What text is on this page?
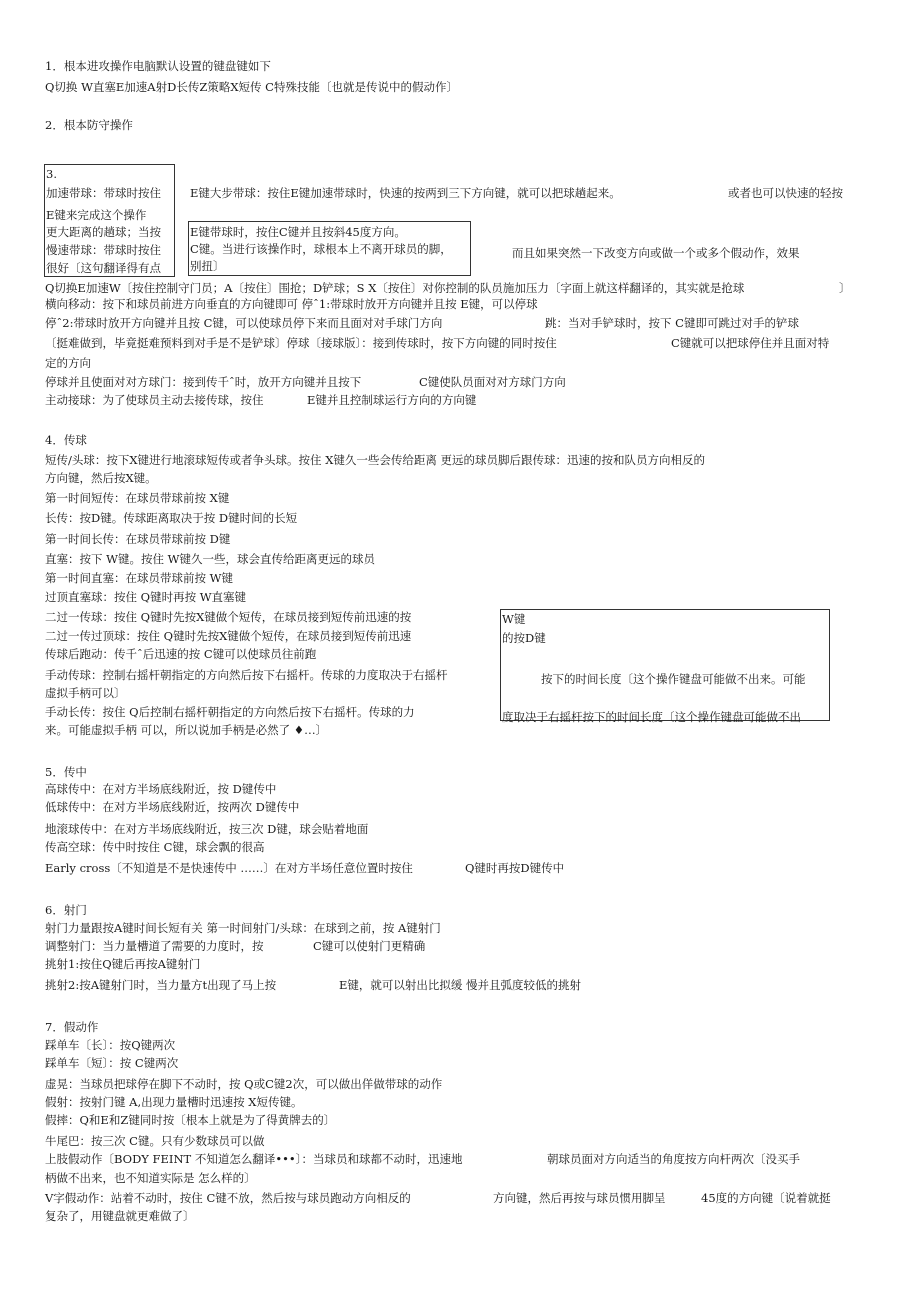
1．根本进攻操作电脑默认设置的键盘键如下
Q切换 W直塞E加速A射D长传Z策略X短传 C特殊技能〔也就是传说中的假动作〕
2．根本防守操作
3.
加速带球：带球时按住	E键大步带球：按住E键加速带球时，快速的按两到三下方向键，就可以把球趟起来。	或者也可以快速的轻按
E键来完成这个操作
更大距离的趟球；当按
慢速带球：带球时按住
很好〔这句翻译得有点
E键带球时，按住C键并且按斜45度方向。
C键。当进行该操作时，球根本上不离开球员的脚，
别扭〕
而且如果突然一下改变方向或做一个或多个假动作，效果
Q切换E加速W〔按住控制守门员；A〔按住〕围抢；D铲球；S X〔按住〕对你控制的队员施加压力〔字面上就这样翻译的，其实就是抢球	〕
横向移动：按下和球员前进方向垂直的方向键即可 停ˆ1:带球时放开方向键并且按 E键，可以停球
停ˆ2:带球时放开方向键并且按 C键，可以使球员停下来而且面对对手球门方向	跳：当对手铲球时，按下 C键即可跳过对手的铲球
〔挺难做到，毕竟挺难预料到对手是不是铲球〕停球〔接球版〕：接到传球时，按下方向键的同时按住	C键就可以把球停住并且面对特
定的方向
停球并且使面对对方球门：接到传千ˆ时，放开方向键并且按下	C键使队员面对对方球门方向
主动接球：为了使球员主动去接传球，按住	E键并且控制球运行方向的方向键
4．传球
短传/头球：按下X键进行地滚球短传或者争头球。按住 X键久一些会传给距离 更远的球员脚后跟传球：迅速的按和队员方向相反的
方向键，然后按X键。
第一时间短传：在球员带球前按 X键
长传：按D键。传球距离取决于按 D键时间的长短
第一时间长传：在球员带球前按 D键
直塞：按下 W键。按住 W键久一些，球会直传给距离更远的球员
第一时间直塞：在球员带球前按 W键
过顶直塞球：按住 Q键时再按 W直塞键
二过一传球：按住 Q键时先按X键做个短传，在球员接到短传前迅速的按
二过一传过顶球：按住 Q键时先按X键做个短传，在球员接到短传前迅速
传球后跑动：传千ˆ后迅速的按 C键可以使球员往前跑
手动传球：控制右摇杆朝指定的方向然后按下右摇杆。传球的力度取决于右摇杆
虚拟手柄可以〕
手动长传：按住 Q后控制右摇杆朝指定的方向然后按下右摇杆。传球的力
来。可能虚拟手柄 可以，所以说加手柄是必然了 ♦…〕
W键
的按D键
按下的时间长度〔这个操作键盘可能做不出来。可能
度取决于右摇杆按下的时间长度〔这个操作键盘可能做不出
5．传中
高球传中：在对方半场底线附近，按 D键传中
低球传中：在对方半场底线附近，按两次 D键传中
地滚球传中：在对方半场底线附近，按三次 D键，球会贴着地面
传高空球：传中时按住 C键，球会飘的很高
Early cross〔不知道是不是快速传中 ……〕在对方半场任意位置时按住	Q键时再按D键传中
6．射门
射门力量跟按A键时间长短有关 第一时间射门/头球：在球到之前，按 A键射门
调整射门：当力量槽道了需要的力度时，按	C键可以使射门更精确
挑射1:按住Q键后再按A键射门
挑射2:按A键射门时，当力量方t出现了马上按	E键，就可以射出比拟缓 慢并且弧度较低的挑射
7．假动作
踩单车〔长〕：按Q键两次
踩单车〔短〕：按 C键两次
虚晃：当球员把球停在脚下不动时，按 Q或C键2次，可以做出佯做带球的动作
假射：按射门键 A,出现力量槽时迅速按 X短传键。
假摔：Q和E和Z键同时按〔根本上就是为了得黄牌去的〕
牛尾巴：按三次 C键。只有少数球员可以做
上肢假动作〔BODY FEINT 不知道怎么翻译•••〕：当球员和球都不动时，迅速地	朝球员面对方向适当的角度按方向杆两次〔没买手
柄做不出来，也不知道实际是 怎么样的〕
V字假动作：站着不动时，按住 C键不放，然后按与球员跑动方向相反的	方向键，然后再按与球员惯用脚呈	45度的方向键〔说着就挺
复杂了，用键盘就更难做了〕
